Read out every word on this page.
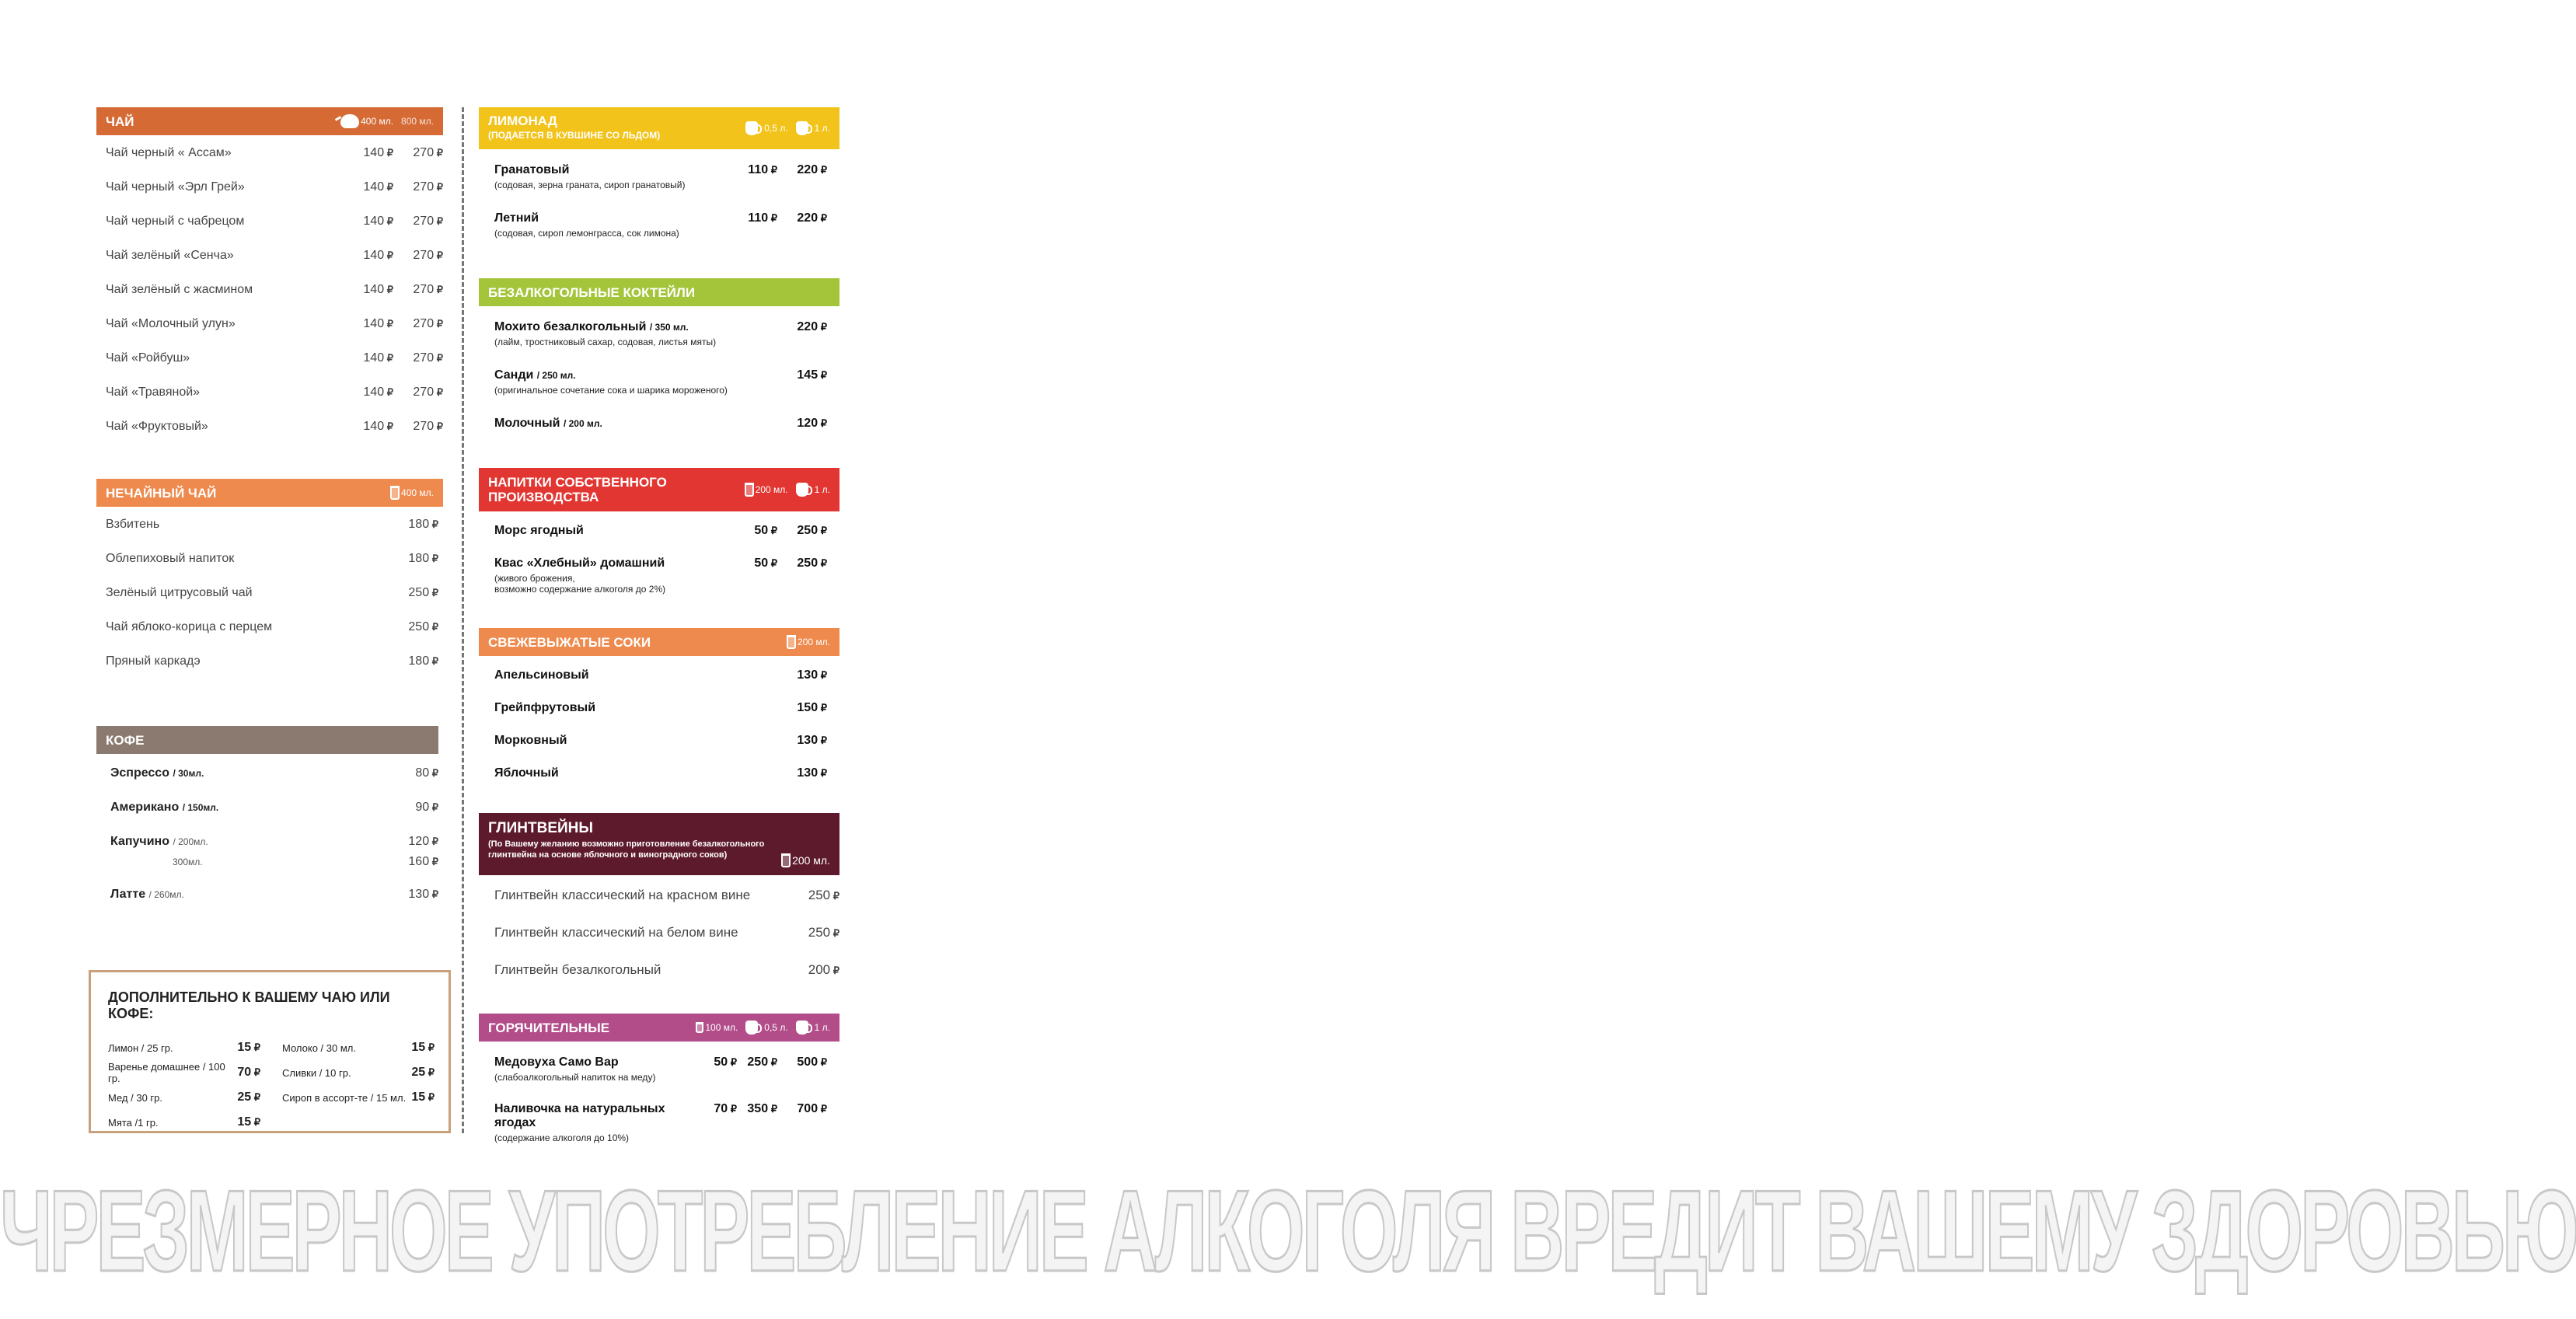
ЧАЙ	400 мл. 800 мл.
Чай черный « Ассам»	140 ₽	270 ₽
Чай черный «Эрл Грей»	140 ₽	270 ₽
Чай черный с чабрецом	140 ₽	270 ₽
Чай зелёный «Сенча»	140 ₽	270 ₽
Чай зелёный с жасмином	140 ₽	270 ₽
Чай «Молочный улун»	140 ₽	270 ₽
Чай «Ройбуш»	140 ₽	270 ₽
Чай «Травяной»	140 ₽	270 ₽
Чай «Фруктовый»	140 ₽	270 ₽
НЕЧАЙНЫЙ ЧАЙ	400 мл.
Взбитень	180 ₽
Облепиховый напиток	180 ₽
Зелёный цитрусовый чай	250 ₽
Чай яблоко-корица с перцем	250 ₽
Пряный каркадэ	180 ₽
КОФЕ
Эспрессо / 30мл.	80 ₽
Американо / 150мл.	90 ₽
Капучино / 200мл.	120 ₽
300мл.	160 ₽
Латте / 260мл.	130 ₽
ДОПОЛНИТЕЛЬНО К ВАШЕМУ ЧАЮ ИЛИ КОФЕ:
Лимон / 25 гр.	15 ₽	Молоко / 30 мл.	15 ₽
Варенье домашнее / 100 гр.	70 ₽	Сливки / 10 гр.	25 ₽
Мед / 30 гр.	25 ₽	Сироп в ассорт-те / 15 мл. 15 ₽
Мята /1 гр.	15 ₽
ЛИМОНАД
(ПОДАЕТСЯ В КУВШИНЕ СО ЛЬДОМ)
0,5 л.	1 л.
Гранатовый
(содовая, зерна граната, сироп гранатовый)
110 ₽	220 ₽
Летний
(содовая, сироп лемонграсса, сок лимона)
110 ₽	220 ₽
БЕЗАЛКОГОЛЬНЫЕ КОКТЕЙЛИ
Мохито безалкогольный / 350 мл.
(лайм, тростниковый сахар, содовая, листья мяты)
220 ₽
Санди / 250 мл.
(оригинальное сочетание сока и шарика мороженого)
145 ₽
Молочный / 200 мл.	120 ₽
НАПИТКИ СОБСТВЕННОГО
ПРОИЗВОДСТВА	200 мл.	1 л.
Морс ягодный	50 ₽	250 ₽
Квас «Хлебный» домашний
(живого брожения,
возможно содержание алкоголя до 2%)
50 ₽	250 ₽
СВЕЖЕВЫЖАТЫЕ СОКИ	200 мл.
Апельсиновый	130 ₽
Грейпфрутовый	150 ₽
Морковный	130 ₽
Яблочный	130 ₽
ГЛИНТВЕЙНЫ
(По Вашему желанию возможно приготовление безалкогольного
глинтвейна на основе яблочного и виноградного соков)	200 мл.
Глинтвейн классический на красном вине	250 ₽
Глинтвейн классический на белом вине	250 ₽
Глинтвейн безалкогольный	200 ₽
ГОРЯЧИТЕЛЬНЫЕ	100 мл.	0,5 л.	1 л.
Медовуха Само Вар
(слабоалкогольный напиток на меду)
50 ₽	250 ₽	500 ₽
Наливочка на натуральных ягодах
(содержание алкоголя до 10%)
70 ₽	350 ₽	700 ₽
ЧРЕЗМЕРНОЕ УПОТРЕБЛЕНИЕ АЛКОГОЛЯ ВРЕДИТ ВАШЕМУ ЗДОРОВЬЮ
